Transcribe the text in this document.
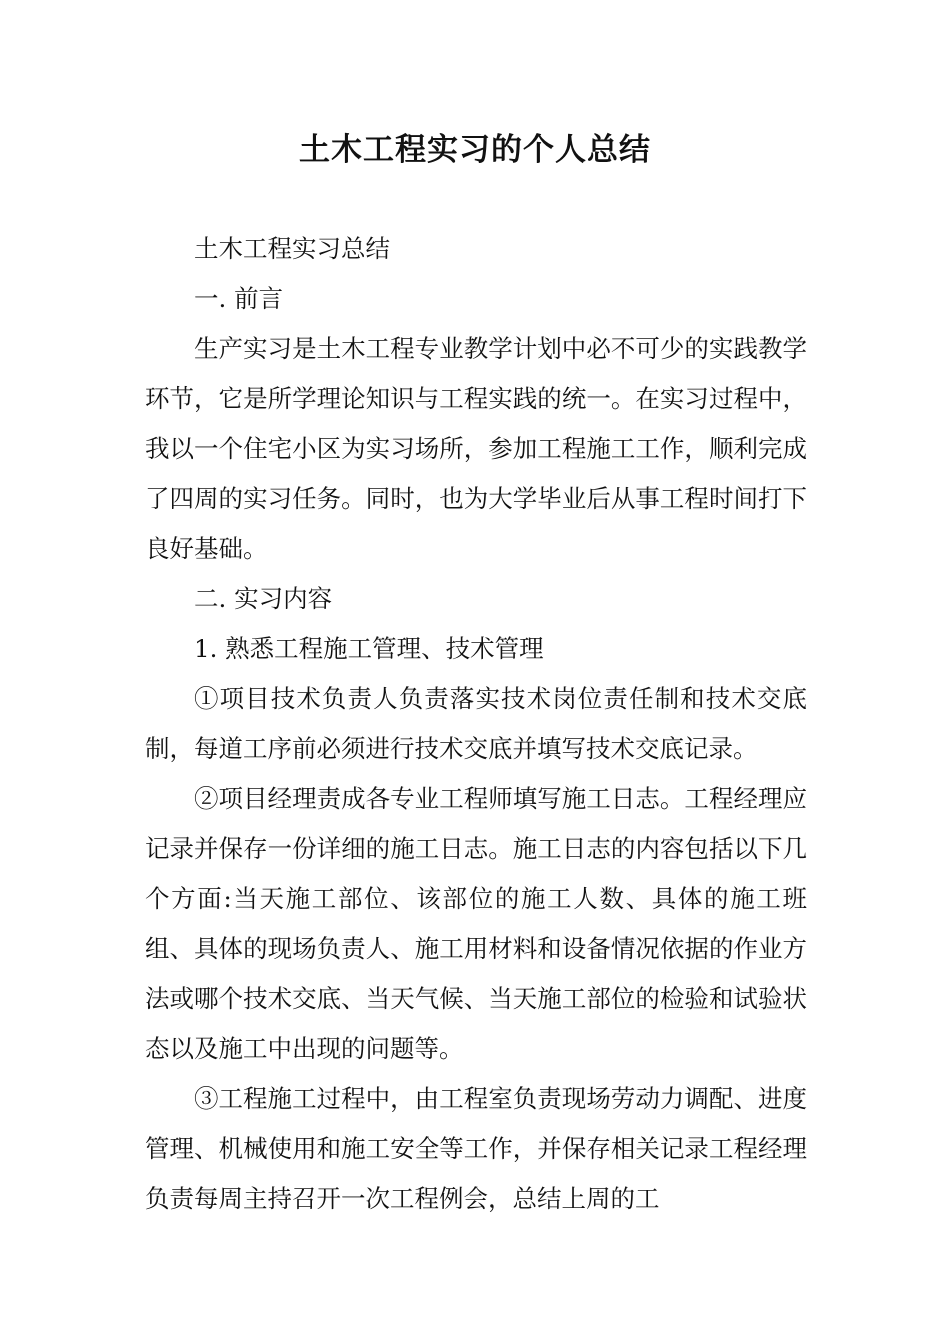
土木工程实习的个人总结

土木工程实习总结

一. 前言

生产实习是土木工程专业教学计划中必不可少的实践教学环节，它是所学理论知识与工程实践的统一。在实习过程中，我以一个住宅小区为实习场所，参加工程施工工作，顺利完成了四周的实习任务。同时，也为大学毕业后从事工程时间打下良好基础。

二. 实习内容

1. 熟悉工程施工管理、技术管理

①项目技术负责人负责落实技术岗位责任制和技术交底制，每道工序前必须进行技术交底并填写技术交底记录。

②项目经理责成各专业工程师填写施工日志。工程经理应记录并保存一份详细的施工日志。施工日志的内容包括以下几个方面:当天施工部位、该部位的施工人数、具体的施工班组、具体的现场负责人、施工用材料和设备情况依据的作业方法或哪个技术交底、当天气候、当天施工部位的检验和试验状态以及施工中出现的问题等。

③工程施工过程中，由工程室负责现场劳动力调配、进度管理、机械使用和施工安全等工作，并保存相关记录工程经理负责每周主持召开一次工程例会，总结上周的工
